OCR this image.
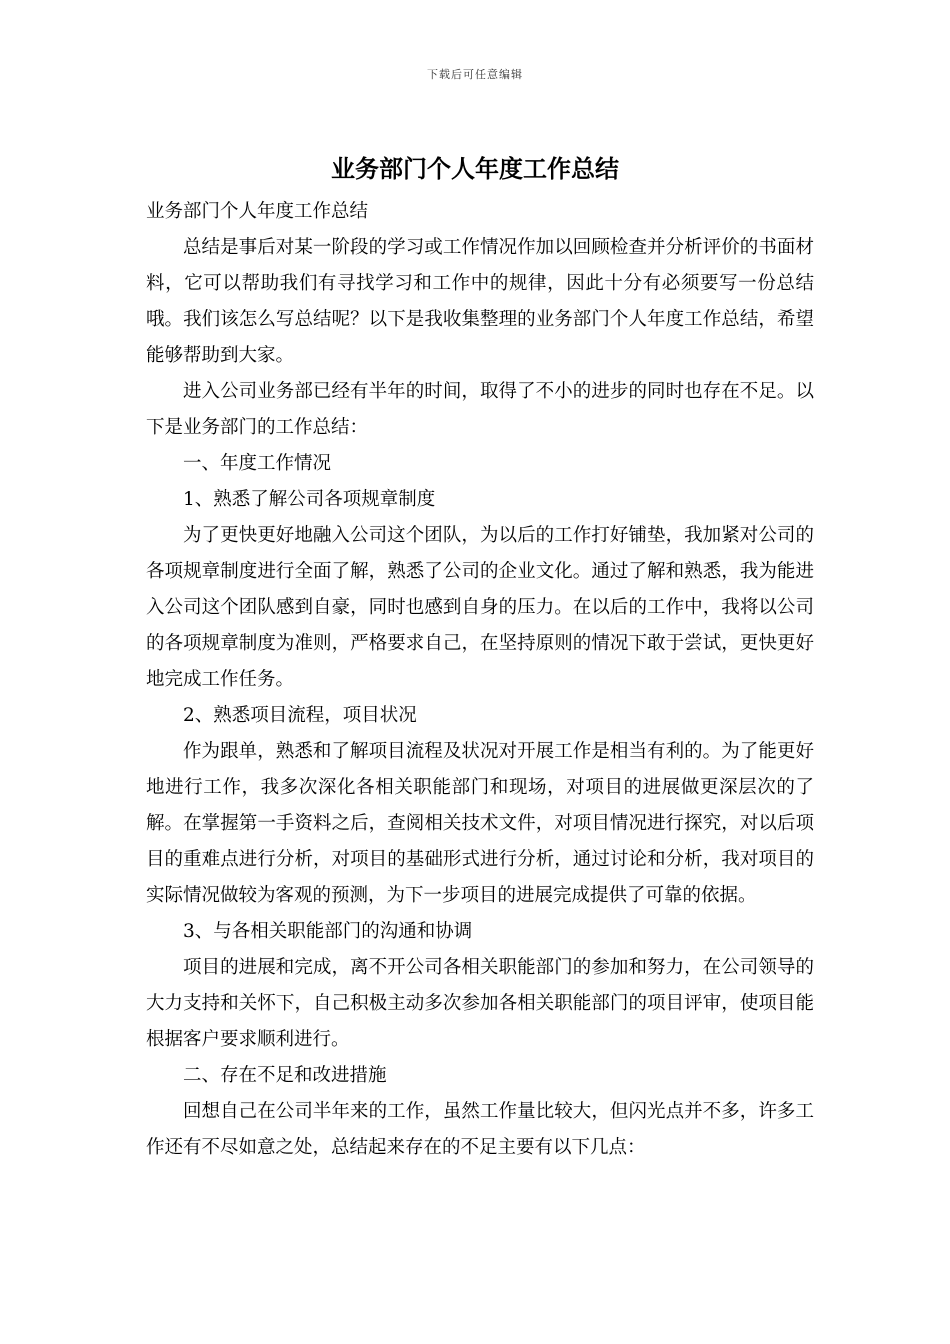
下载后可任意编辑
业务部门个人年度工作总结

业务部门个人年度工作总结

总结是事后对某一阶段的学习或工作情况作加以回顾检查并分析评价的书面材料，它可以帮助我们有寻找学习和工作中的规律，因此十分有必须要写一份总结哦。我们该怎么写总结呢？以下是我收集整理的业务部门个人年度工作总结，希望能够帮助到大家。

进入公司业务部已经有半年的时间，取得了不小的进步的同时也存在不足。以下是业务部门的工作总结：

一、年度工作情况

1、熟悉了解公司各项规章制度

为了更快更好地融入公司这个团队，为以后的工作打好铺垫，我加紧对公司的各项规章制度进行全面了解，熟悉了公司的企业文化。通过了解和熟悉，我为能进入公司这个团队感到自豪，同时也感到自身的压力。在以后的工作中，我将以公司的各项规章制度为准则，严格要求自己，在坚持原则的情况下敢于尝试，更快更好地完成工作任务。

2、熟悉项目流程，项目状况

作为跟单，熟悉和了解项目流程及状况对开展工作是相当有利的。为了能更好地进行工作，我多次深化各相关职能部门和现场，对项目的进展做更深层次的了解。在掌握第一手资料之后，查阅相关技术文件，对项目情况进行探究，对以后项目的重难点进行分析，对项目的基础形式进行分析，通过讨论和分析，我对项目的实际情况做较为客观的预测，为下一步项目的进展完成提供了可靠的依据。

3、与各相关职能部门的沟通和协调

项目的进展和完成，离不开公司各相关职能部门的参加和努力，在公司领导的大力支持和关怀下，自己积极主动多次参加各相关职能部门的项目评审，使项目能根据客户要求顺利进行。

二、存在不足和改进措施

回想自己在公司半年来的工作，虽然工作量比较大，但闪光点并不多，许多工作还有不尽如意之处，总结起来存在的不足主要有以下几点：
